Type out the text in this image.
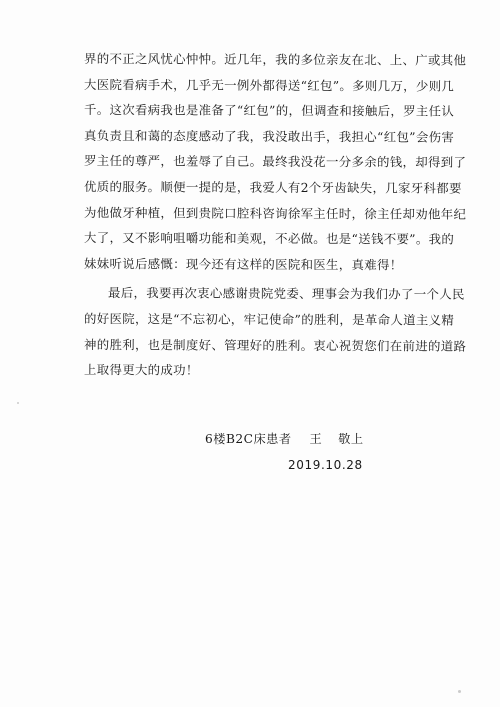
界的不正之风忧心忡忡。近几年，我的多位亲友在北、上、广或其他
大医院看病手术，几乎无一例外都得送“红包”。多则几万，少则几
千。这次看病我也是准备了“红包”的，但调查和接触后，罗主任认
真负责且和蔼的态度感动了我，我没敢出手，我担心“红包”会伤害
罗主任的尊严，也羞辱了自己。最终我没花一分多余的钱，却得到了
优质的服务。顺便一提的是，我爱人有2个牙齿缺失，几家牙科都要
为他做牙种植，但到贵院口腔科咨询徐军主任时，徐主任却劝他年纪
大了，又不影响咀嚼功能和美观，不必做。也是“送钱不要”。我的
妹妹听说后感慨：现今还有这样的医院和医生，真难得！
最后，我要再次衷心感谢贵院党委、理事会为我们办了一个人民
的好医院，这是“不忘初心，牢记使命”的胜利，是革命人道主义精
神的胜利，也是制度好、管理好的胜利。衷心祝贺您们在前进的道路
上取得更大的成功！
6楼B2C床患者 王 敬上
2019.10.28
